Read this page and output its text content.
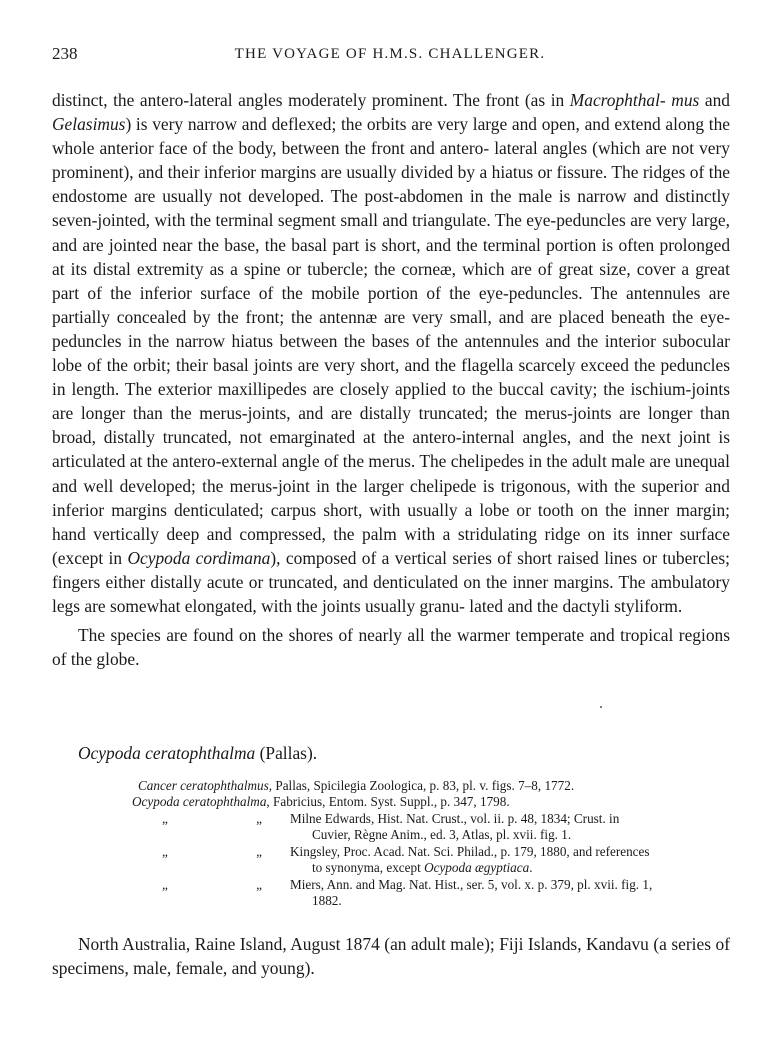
238	THE VOYAGE OF H.M.S. CHALLENGER.

distinct, the antero-lateral angles moderately prominent. The front (as in Macrophthal- mus and Gelasimus) is very narrow and deflexed; the orbits are very large and open, and extend along the whole anterior face of the body, between the front and antero- lateral angles (which are not very prominent), and their inferior margins are usually divided by a hiatus or fissure. The ridges of the endostome are usually not developed. The post-abdomen in the male is narrow and distinctly seven-jointed, with the terminal segment small and triangulate. The eye-peduncles are very large, and are jointed near the base, the basal part is short, and the terminal portion is often prolonged at its distal extremity as a spine or tubercle; the corneæ, which are of great size, cover a great part of the inferior surface of the mobile portion of the eye-peduncles. The antennules are partially concealed by the front; the antennæ are very small, and are placed beneath the eye-peduncles in the narrow hiatus between the bases of the antennules and the interior subocular lobe of the orbit; their basal joints are very short, and the flagella scarcely exceed the peduncles in length. The exterior maxillipedes are closely applied to the buccal cavity; the ischium-joints are longer than the merus-joints, and are distally truncated; the merus-joints are longer than broad, distally truncated, not emarginated at the antero-internal angles, and the next joint is articulated at the antero-external angle of the merus. The chelipedes in the adult male are unequal and well developed; the merus-joint in the larger chelipede is trigonous, with the superior and inferior margins denticulated; carpus short, with usually a lobe or tooth on the inner margin; hand vertically deep and compressed, the palm with a stridulating ridge on its inner surface (except in Ocypoda cordimana), composed of a vertical series of short raised lines or tubercles; fingers either distally acute or truncated, and denticulated on the inner margins. The ambulatory legs are somewhat elongated, with the joints usually granu- lated and the dactyli styliform.

The species are found on the shores of nearly all the warmer temperate and tropical regions of the globe.

Ocypoda ceratophthalma (Pallas).

Cancer ceratophthalmus, Pallas, Spicilegia Zoologica, p. 83, pl. v. figs. 7–8, 1772.

Ocypoda ceratophthalma, Fabricius, Entom. Syst. Suppl., p. 347, 1798.

„	„ Milne Edwards, Hist. Nat. Crust., vol. ii. p. 48, 1834; Crust. in
Cuvier, Règne Anim., ed. 3, Atlas, pl. xvii. fig. 1.
„	„ Kingsley, Proc. Acad. Nat. Sci. Philad., p. 179, 1880, and references
to synonyma, except Ocypoda ægyptiaca.
„	„ Miers, Ann. and Mag. Nat. Hist., ser. 5, vol. x. p. 379, pl. xvii. fig. 1,
1882.
North Australia, Raine Island, August 1874 (an adult male); Fiji Islands, Kandavu (a series of specimens, male, female, and young).
